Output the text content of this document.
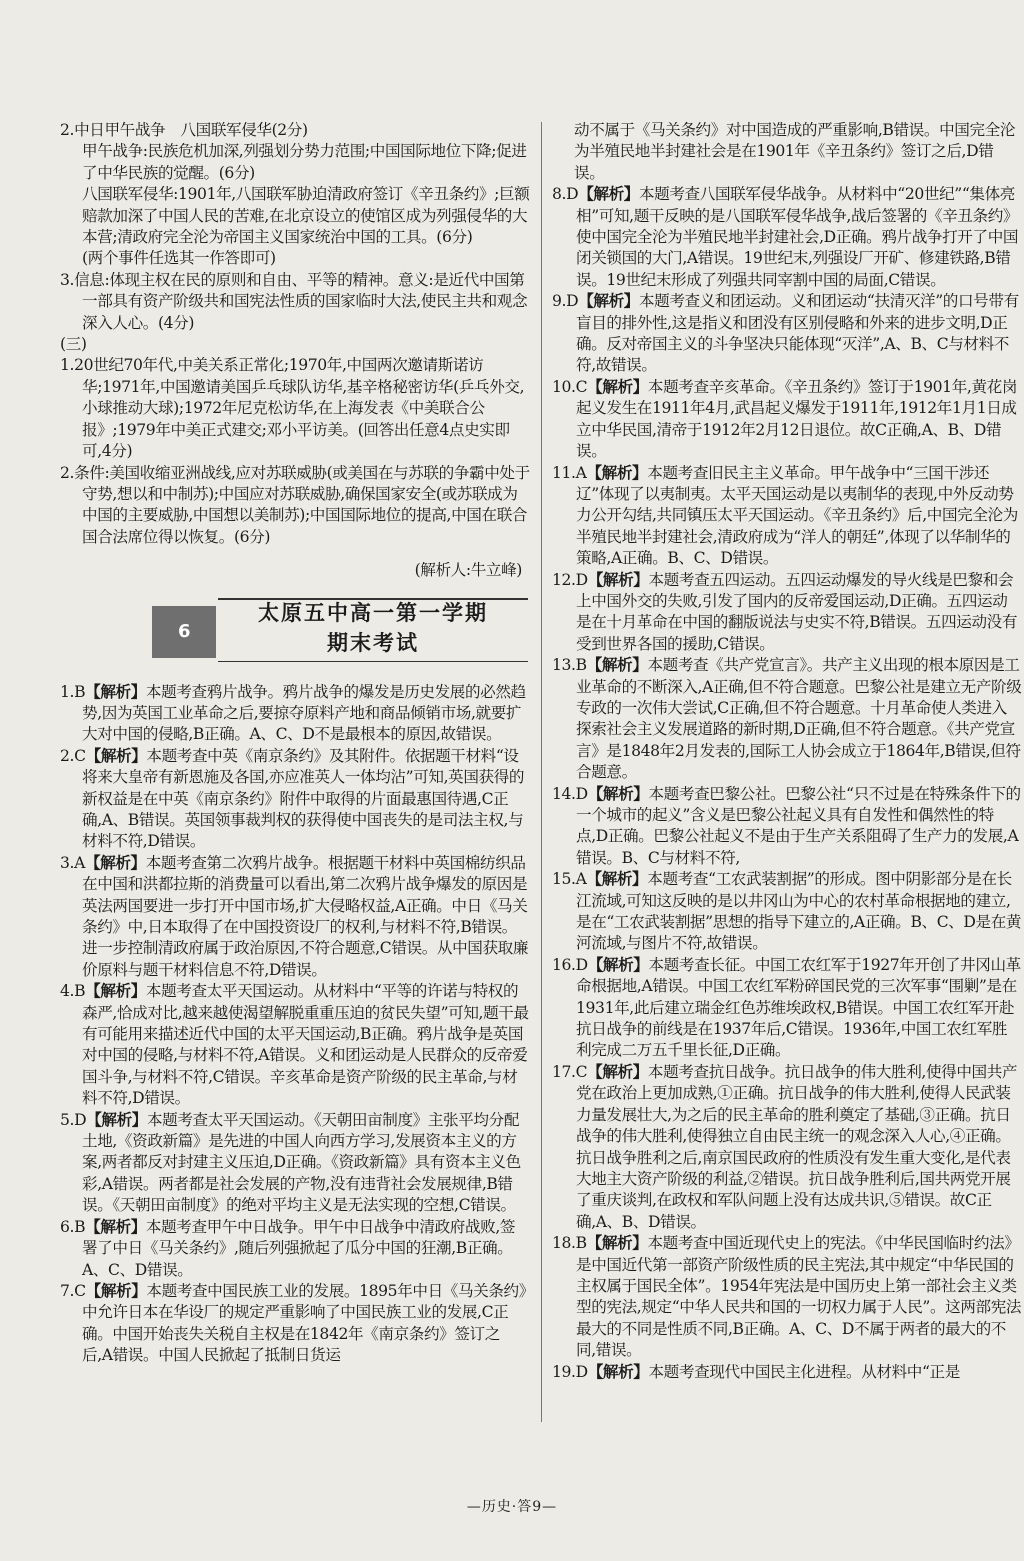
2.中日甲午战争　八国联军侵华(2分)

甲午战争:民族危机加深,列强划分势力范围;中国国际地位下降;促进了中华民族的觉醒。(6分)

八国联军侵华:1901年,八国联军胁迫清政府签订《辛丑条约》;巨额赔款加深了中国人民的苦难,在北京设立的使馆区成为列强侵华的大本营;清政府完全沦为帝国主义国家统治中国的工具。(6分)

(两个事件任选其一作答即可)

3.信息:体现主权在民的原则和自由、平等的精神。意义:是近代中国第一部具有资产阶级共和国宪法性质的国家临时大法,使民主共和观念深入人心。(4分)

(三)

1.20世纪70年代,中美关系正常化;1970年,中国两次邀请斯诺访华;1971年,中国邀请美国乒乓球队访华,基辛格秘密访华(乒乓外交,小球推动大球);1972年尼克松访华,在上海发表《中美联合公报》;1979年中美正式建交;邓小平访美。(回答出任意4点史实即可,4分)

2.条件:美国收缩亚洲战线,应对苏联威胁(或美国在与苏联的争霸中处于守势,想以和中制苏);中国应对苏联威胁,确保国家安全(或苏联成为中国的主要威胁,中国想以美制苏);中国国际地位的提高,中国在联合国合法席位得以恢复。(6分)

(解析人:牛立峰)

6
太原五中高一第一学期
期末考试

1.B【解析】本题考查鸦片战争。鸦片战争的爆发是历史发展的必然趋势,因为英国工业革命之后,要掠夺原料产地和商品倾销市场,就要扩大对中国的侵略,B正确。A、C、D不是最根本的原因,故错误。

2.C【解析】本题考查中英《南京条约》及其附件。依据题干材料“设将来大皇帝有新恩施及各国,亦应准英人一体均沾”可知,英国获得的新权益是在中英《南京条约》附件中取得的片面最惠国待遇,C正确,A、B错误。英国领事裁判权的获得使中国丧失的是司法主权,与材料不符,D错误。

3.A【解析】本题考查第二次鸦片战争。根据题干材料中英国棉纺织品在中国和洪都拉斯的消费量可以看出,第二次鸦片战争爆发的原因是英法两国要进一步打开中国市场,扩大侵略权益,A正确。中日《马关条约》中,日本取得了在中国投资设厂的权利,与材料不符,B错误。进一步控制清政府属于政治原因,不符合题意,C错误。从中国获取廉价原料与题干材料信息不符,D错误。

4.B【解析】本题考查太平天国运动。从材料中“平等的许诺与特权的森严,恰成对比,越来越使渴望解脱重重压迫的贫民失望”可知,题干最有可能用来描述近代中国的太平天国运动,B正确。鸦片战争是英国对中国的侵略,与材料不符,A错误。义和团运动是人民群众的反帝爱国斗争,与材料不符,C错误。辛亥革命是资产阶级的民主革命,与材料不符,D错误。

5.D【解析】本题考查太平天国运动。《天朝田亩制度》主张平均分配土地,《资政新篇》是先进的中国人向西方学习,发展资本主义的方案,两者都反对封建主义压迫,D正确。《资政新篇》具有资本主义色彩,A错误。两者都是社会发展的产物,没有违背社会发展规律,B错误。《天朝田亩制度》的绝对平均主义是无法实现的空想,C错误。

6.B【解析】本题考查甲午中日战争。甲午中日战争中清政府战败,签署了中日《马关条约》,随后列强掀起了瓜分中国的狂潮,B正确。A、C、D错误。

7.C【解析】本题考查中国民族工业的发展。1895年中日《马关条约》中允许日本在华设厂的规定严重影响了中国民族工业的发展,C正确。中国开始丧失关税自主权是在1842年《南京条约》签订之后,A错误。中国人民掀起了抵制日货运

动不属于《马关条约》对中国造成的严重影响,B错误。中国完全沦为半殖民地半封建社会是在1901年《辛丑条约》签订之后,D错误。

8.D【解析】本题考查八国联军侵华战争。从材料中“20世纪”“集体亮相”可知,题干反映的是八国联军侵华战争,战后签署的《辛丑条约》使中国完全沦为半殖民地半封建社会,D正确。鸦片战争打开了中国闭关锁国的大门,A错误。19世纪末,列强设厂开矿、修建铁路,B错误。19世纪末形成了列强共同宰割中国的局面,C错误。

9.D【解析】本题考查义和团运动。义和团运动“扶清灭洋”的口号带有盲目的排外性,这是指义和团没有区别侵略和外来的进步文明,D正确。反对帝国主义的斗争坚决只能体现“灭洋”,A、B、C与材料不符,故错误。

10.C【解析】本题考查辛亥革命。《辛丑条约》签订于1901年,黄花岗起义发生在1911年4月,武昌起义爆发于1911年,1912年1月1日成立中华民国,清帝于1912年2月12日退位。故C正确,A、B、D错误。

11.A【解析】本题考查旧民主主义革命。甲午战争中“三国干涉还辽”体现了以夷制夷。太平天国运动是以夷制华的表现,中外反动势力公开勾结,共同镇压太平天国运动。《辛丑条约》后,中国完全沦为半殖民地半封建社会,清政府成为“洋人的朝廷”,体现了以华制华的策略,A正确。B、C、D错误。

12.D【解析】本题考查五四运动。五四运动爆发的导火线是巴黎和会上中国外交的失败,引发了国内的反帝爱国运动,D正确。五四运动是在十月革命在中国的翻版说法与史实不符,B错误。五四运动没有受到世界各国的援助,C错误。

13.B【解析】本题考查《共产党宣言》。共产主义出现的根本原因是工业革命的不断深入,A正确,但不符合题意。巴黎公社是建立无产阶级专政的一次伟大尝试,C正确,但不符合题意。十月革命使人类进入探索社会主义发展道路的新时期,D正确,但不符合题意。《共产党宣言》是1848年2月发表的,国际工人协会成立于1864年,B错误,但符合题意。

14.D【解析】本题考查巴黎公社。巴黎公社“只不过是在特殊条件下的一个城市的起义”含义是巴黎公社起义具有自发性和偶然性的特点,D正确。巴黎公社起义不是由于生产关系阻碍了生产力的发展,A错误。B、C与材料不符,

15.A【解析】本题考查“工农武装割据”的形成。图中阴影部分是在长江流域,可知这反映的是以井冈山为中心的农村革命根据地的建立,是在“工农武装割据”思想的指导下建立的,A正确。B、C、D是在黄河流域,与图片不符,故错误。

16.D【解析】本题考查长征。中国工农红军于1927年开创了井冈山革命根据地,A错误。中国工农红军粉碎国民党的三次军事“围剿”是在1931年,此后建立瑞金红色苏维埃政权,B错误。中国工农红军开赴抗日战争的前线是在1937年后,C错误。1936年,中国工农红军胜利完成二万五千里长征,D正确。

17.C【解析】本题考查抗日战争。抗日战争的伟大胜利,使得中国共产党在政治上更加成熟,①正确。抗日战争的伟大胜利,使得人民武装力量发展壮大,为之后的民主革命的胜利奠定了基础,③正确。抗日战争的伟大胜利,使得独立自由民主统一的观念深入人心,④正确。抗日战争胜利之后,南京国民政府的性质没有发生重大变化,是代表大地主大资产阶级的利益,②错误。抗日战争胜利后,国共两党开展了重庆谈判,在政权和军队问题上没有达成共识,⑤错误。故C正确,A、B、D错误。

18.B【解析】本题考查中国近现代史上的宪法。《中华民国临时约法》是中国近代第一部资产阶级性质的民主宪法,其中规定“中华民国的主权属于国民全体”。1954年宪法是中国历史上第一部社会主义类型的宪法,规定“中华人民共和国的一切权力属于人民”。这两部宪法最大的不同是性质不同,B正确。A、C、D不属于两者的最大的不同,错误。

19.D【解析】本题考查现代中国民主化进程。从材料中“正是

—历史·答9—
